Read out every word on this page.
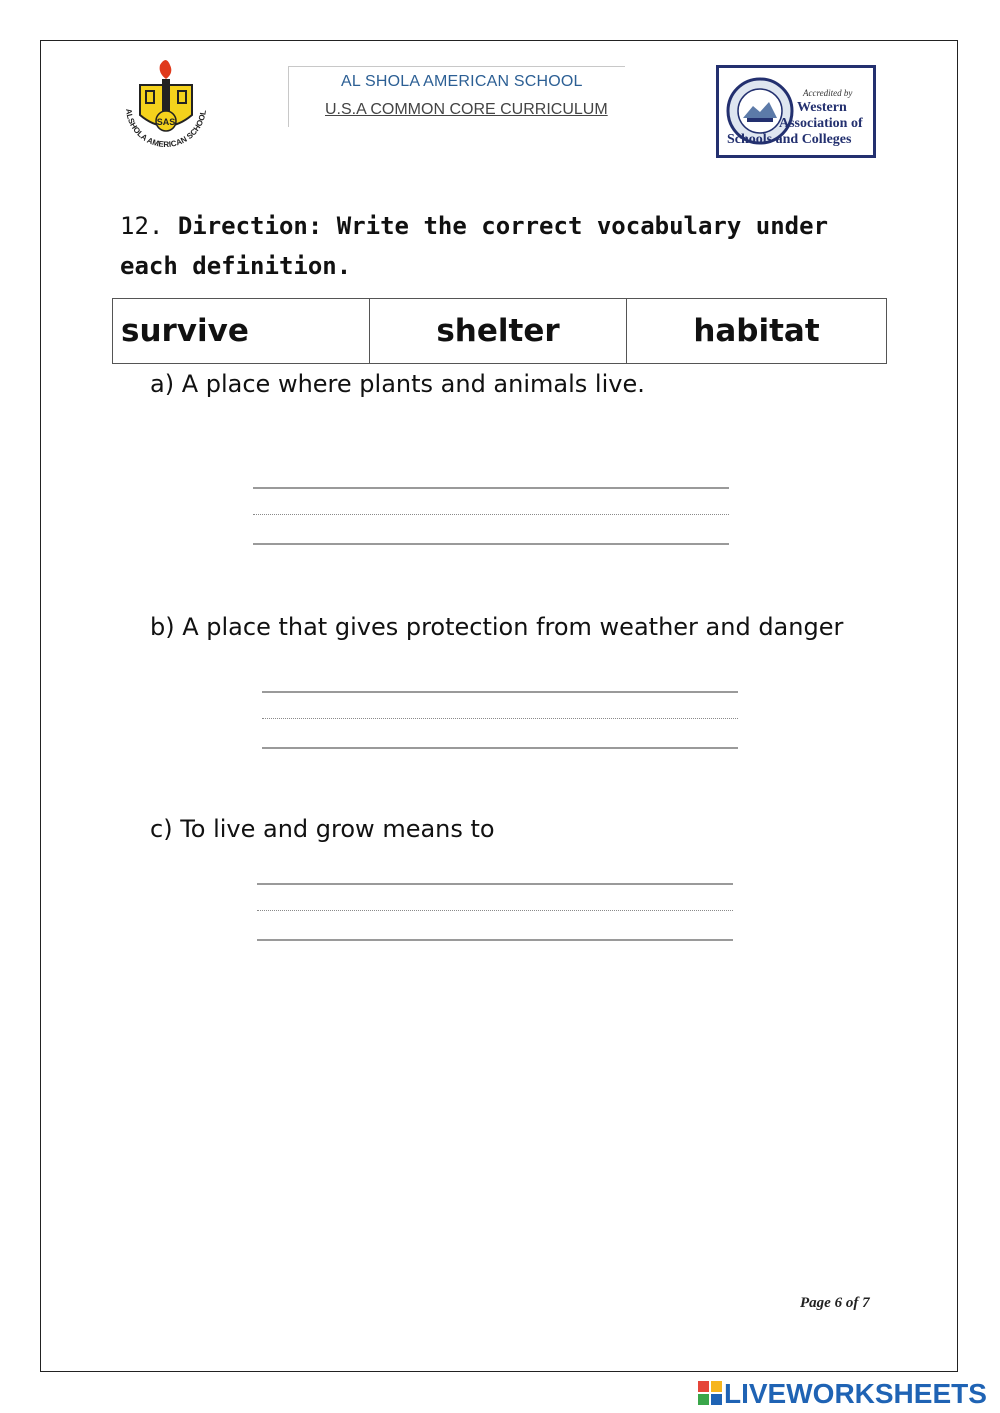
ALSHOLA AMERICAN SCHOOL
SAS
AL SHOLA AMERICAN SCHOOL
U.S.A COMMON CORE CURRICULUM
Accredited by
Western
Association of
Schools and Colleges
12. Direction: Write the correct vocabulary under each definition.
survive	shelter	habitat
a) A place where plants and animals live.
b) A place that gives protection from weather and danger
c) To live and grow means to
Page 6 of 7
LIVEWORKSHEETS
